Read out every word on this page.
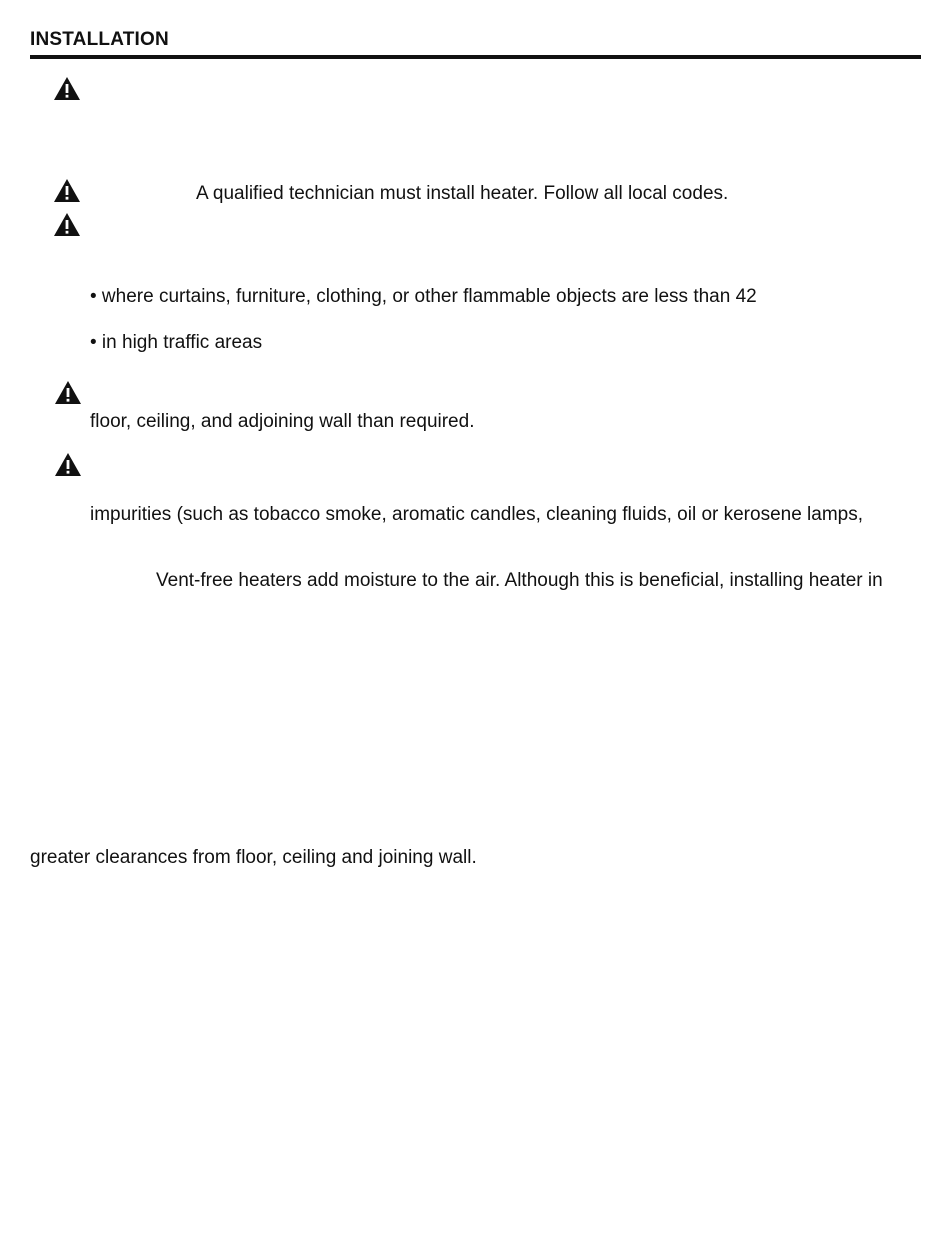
INSTALLATION
A qualified technician must install heater. Follow all local codes.
• where curtains, furniture, clothing, or other flammable objects are less than 42
• in high traffic areas
floor, ceiling, and adjoining wall than required.
impurities (such as tobacco smoke, aromatic candles, cleaning fluids, oil or kerosene lamps,
Vent-free heaters add moisture to the air. Although this is beneficial, installing heater in
greater clearances from floor, ceiling and joining wall.
